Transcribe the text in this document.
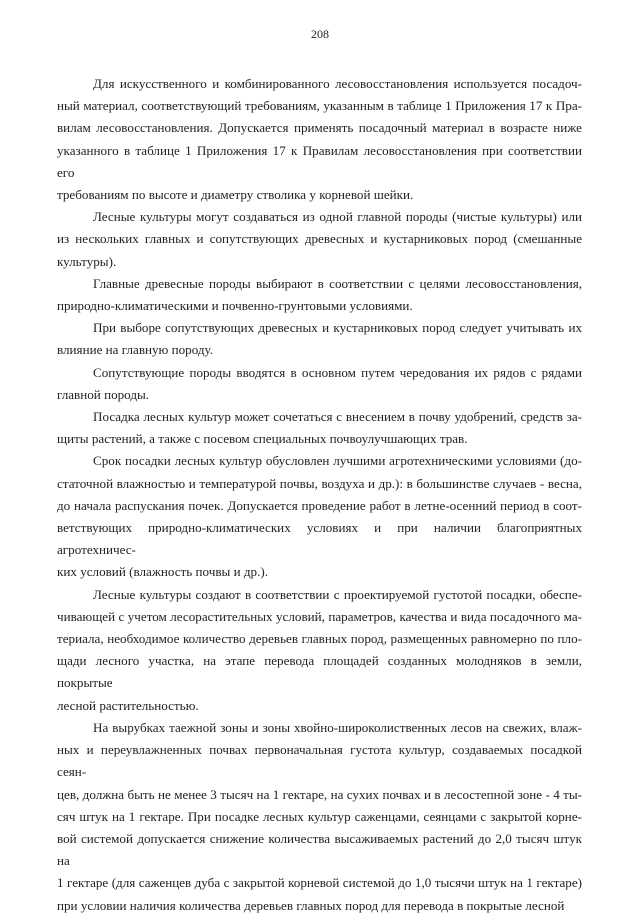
208

Для искусственного и комбинированного лесовосстановления используется посадоч-
ный материал, соответствующий требованиям, указанным в таблице 1 Приложения 17 к Пра-
вилам лесовосстановления. Допускается применять посадочный материал в возрасте ниже
указанного в таблице 1 Приложения 17 к Правилам лесовосстановления при соответствии его
требованиям по высоте и диаметру стволика у корневой шейки.

Лесные культуры могут создаваться из одной главной породы (чистые культуры) или
из нескольких главных и сопутствующих древесных и кустарниковых пород (смешанные
культуры).

Главные древесные породы выбирают в соответствии с целями лесовосстановления,
природно-климатическими и почвенно-грунтовыми условиями.

При выборе сопутствующих древесных и кустарниковых пород следует учитывать их
влияние на главную породу.

Сопутствующие породы вводятся в основном путем чередования их рядов с рядами
главной породы.

Посадка лесных культур может сочетаться с внесением в почву удобрений, средств за-
щиты растений, а также с посевом специальных почвоулучшающих трав.

Срок посадки лесных культур обусловлен лучшими агротехническими условиями (до-
статочной влажностью и температурой почвы, воздуха и др.): в большинстве случаев - весна,
до начала распускания почек. Допускается проведение работ в летне-осенний период в соот-
ветствующих природно-климатических условиях и при наличии благоприятных агротехничес-
ких условий (влажность почвы и др.).

Лесные культуры создают в соответствии с проектируемой густотой посадки, обеспе-
чивающей с учетом лесорастительных условий, параметров, качества и вида посадочного ма-
териала, необходимое количество деревьев главных пород, размещенных равномерно по пло-
щади лесного участка, на этапе перевода площадей созданных молодняков в земли, покрытые
лесной растительностью.

На вырубках таежной зоны и зоны хвойно-широколиственных лесов на свежих, влаж-
ных и переувлажненных почвах первоначальная густота культур, создаваемых посадкой сеян-
цев, должна быть не менее 3 тысяч на 1 гектаре, на сухих почвах и в лесостепной зоне - 4 ты-
сяч штук на 1 гектаре. При посадке лесных культур саженцами, сеянцами с закрытой корне-
вой системой допускается снижение количества высаживаемых растений до 2,0 тысяч штук на
1 гектаре (для саженцев дуба с закрытой корневой системой до 1,0 тысячи штук на 1 гектаре)
при условии наличия количества деревьев главных пород для перевода в покрытые лесной
